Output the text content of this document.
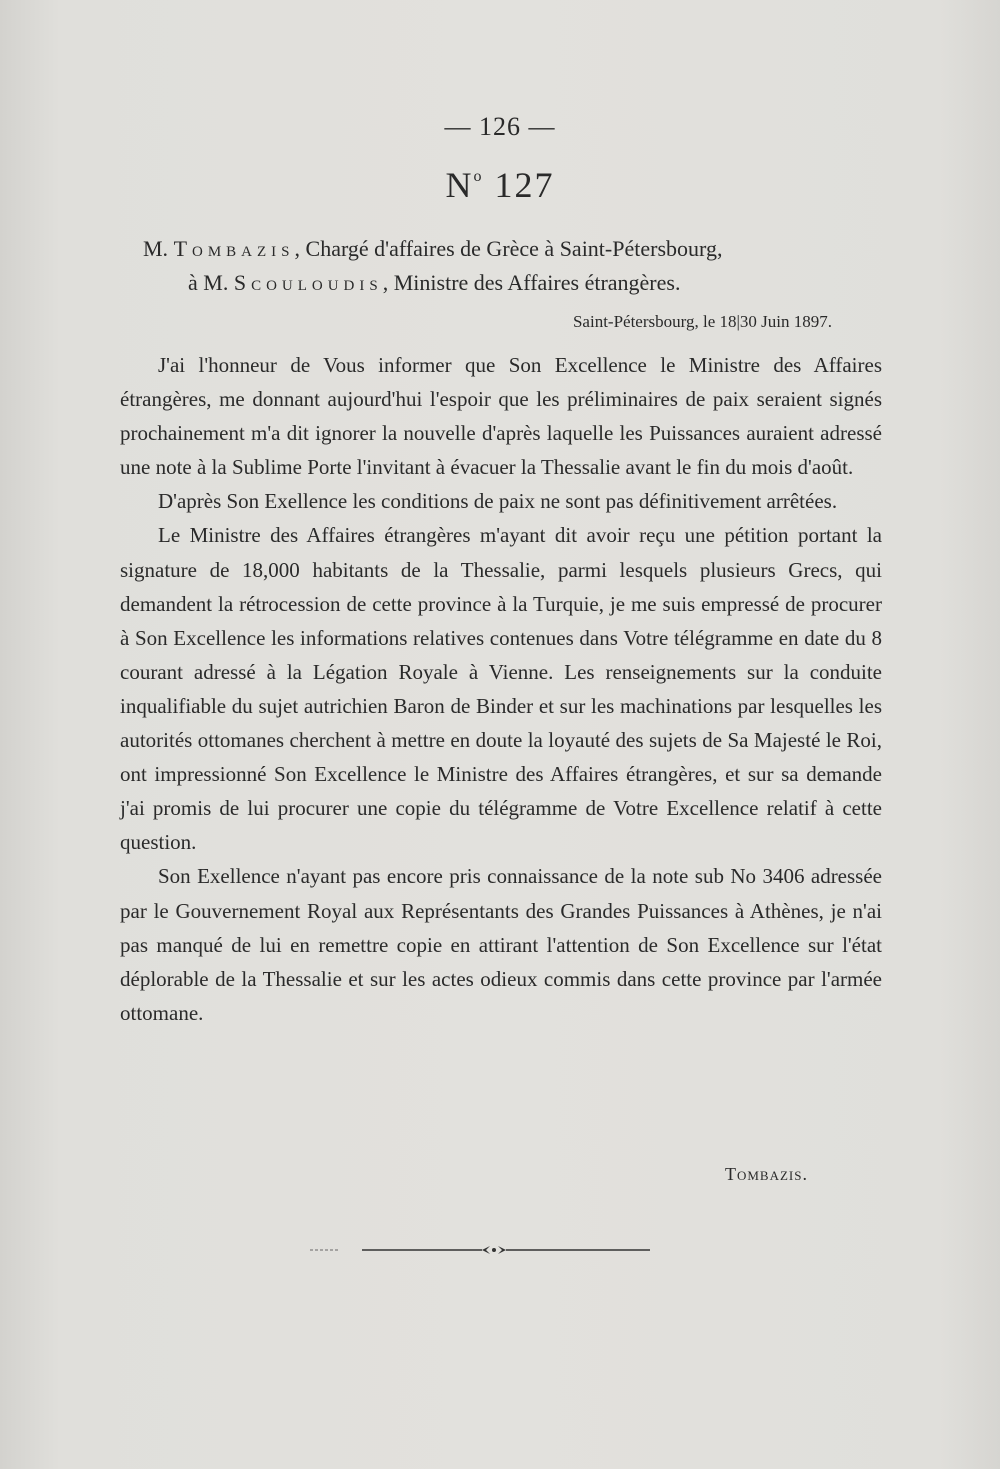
— 126 —
$N^o$ 127
M. Tombazis, Chargé d'affaires de Grèce à Saint-Pétersbourg,
à M. Scouloudis, Ministre des Affaires étrangères.
Saint-Pétersbourg, le 18|30 Juin 1897.

J'ai l'honneur de Vous informer que Son Excellence le Ministre des Affaires étrangères, me donnant aujourd'hui l'espoir que les préliminaires de paix seraient signés prochainement m'a dit ignorer la nouvelle d'après laquelle les Puissances auraient adressé une note à la Sublime Porte l'invitant à évacuer la Thessalie avant le fin du mois d'août.

D'après Son Exellence les conditions de paix ne sont pas définitivement arrêtées.

Le Ministre des Affaires étrangères m'ayant dit avoir reçu une pétition portant la signature de 18,000 habitants de la Thessalie, parmi lesquels plusieurs Grecs, qui demandent la rétrocession de cette province à la Turquie, je me suis empressé de procurer à Son Excellence les informations relatives contenues dans Votre télégramme en date du 8 courant adressé à la Légation Royale à Vienne. Les renseignements sur la conduite inqualifiable du sujet autrichien Baron de Binder et sur les machinations par lesquelles les autorités ottomanes cherchent à mettre en doute la loyauté des sujets de Sa Majesté le Roi, ont impressionné Son Excellence le Ministre des Affaires étrangères, et sur sa demande j'ai promis de lui procurer une copie du télégramme de Votre Excellence relatif à cette question.

Son Exellence n'ayant pas encore pris connaissance de la note sub No 3406 adressée par le Gouvernement Royal aux Représentants des Grandes Puissances à Athènes, je n'ai pas manqué de lui en remettre copie en attirant l'attention de Son Excellence sur l'état déplorable de la Thessalie et sur les actes odieux commis dans cette province par l'armée ottomane.

Tombazis.
